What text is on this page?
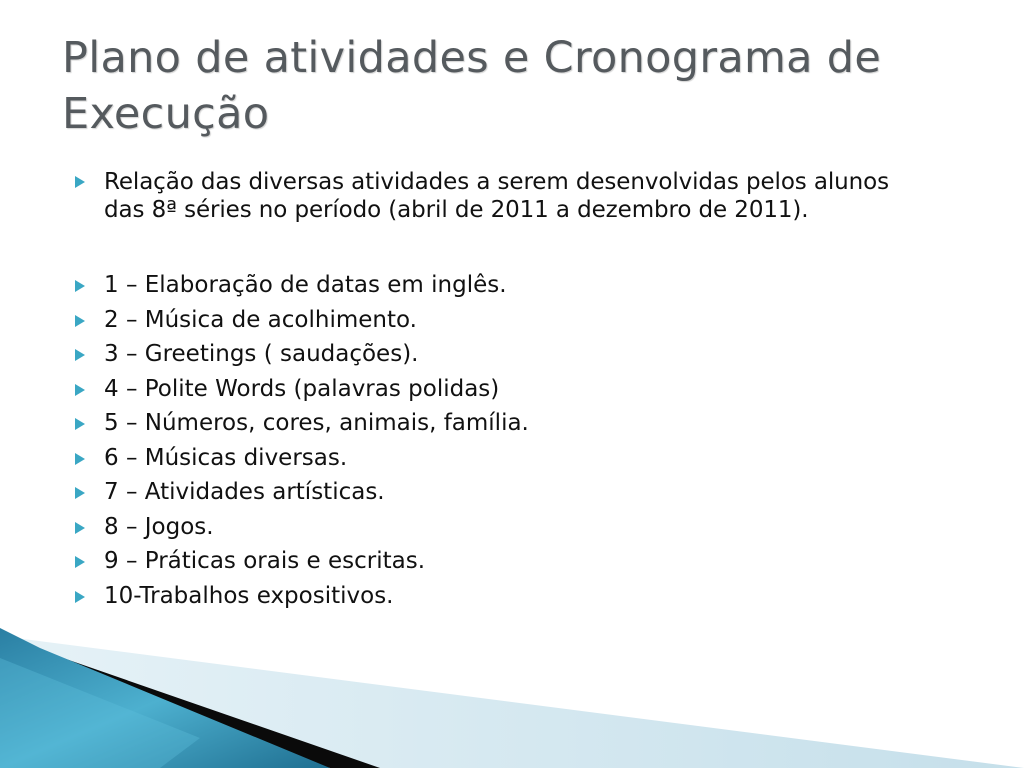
Plano de atividades e Cronograma de Execução
Relação das diversas atividades a serem desenvolvidas pelos alunos das 8ª séries no período (abril de 2011 a dezembro de 2011).
1 – Elaboração de datas em inglês.
2 – Música de acolhimento.
3 – Greetings ( saudações).
4 – Polite Words (palavras polidas)
5 – Números, cores, animais, família.
6 – Músicas diversas.
7 – Atividades artísticas.
8 – Jogos.
9 – Práticas orais e escritas.
10-Trabalhos expositivos.
